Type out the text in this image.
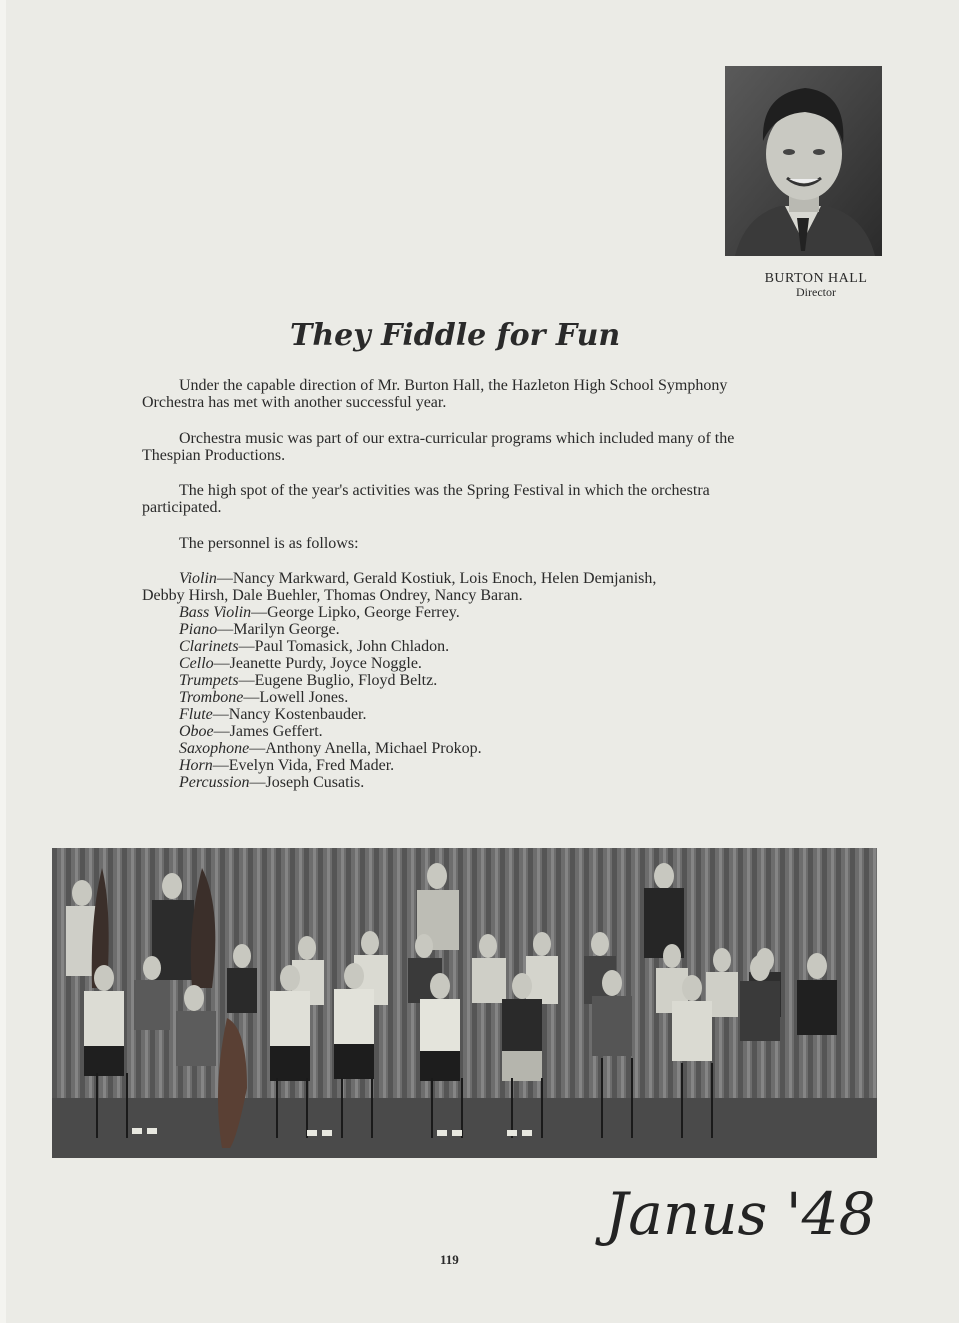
BURTON HALL
Director
They Fiddle for Fun

Under the capable direction of Mr. Burton Hall, the Hazleton High School Symphony Orchestra has met with another successful year.

Orchestra music was part of our extra-curricular programs which included many of the Thespian Productions.

The high spot of the year's activities was the Spring Festival in which the orchestra participated.

The personnel is as follows:

Violin—Nancy Markward, Gerald Kostiuk, Lois Enoch, Helen Demjanish,
Debby Hirsh, Dale Buehler, Thomas Ondrey, Nancy Baran.
Bass Violin—George Lipko, George Ferrey.
Piano—Marilyn George.
Clarinets—Paul Tomasick, John Chladon.
Cello—Jeanette Purdy, Joyce Noggle.
Trumpets—Eugene Buglio, Floyd Beltz.
Trombone—Lowell Jones.
Flute—Nancy Kostenbauder.
Oboe—James Geffert.
Saxophone—Anthony Anella, Michael Prokop.
Horn—Evelyn Vida, Fred Mader.
Percussion—Joseph Cusatis.
Janus '48
119
